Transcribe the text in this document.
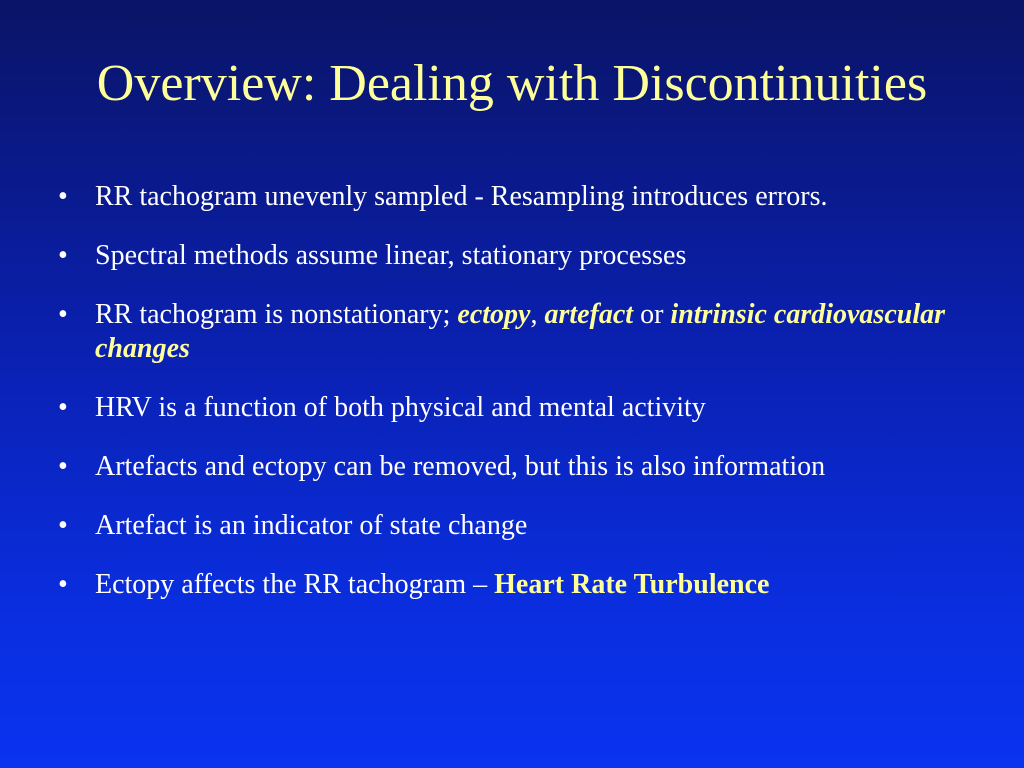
Overview: Dealing with Discontinuities
• RR tachogram unevenly sampled - Resampling introduces errors.
• Spectral methods assume linear, stationary processes
• RR tachogram is nonstationary; ectopy, artefact or intrinsic cardiovascular changes
• HRV is a function of both physical and mental activity
• Artefacts and ectopy can be removed, but this is also information
• Artefact is an indicator of state change
• Ectopy affects the RR tachogram – Heart Rate Turbulence
